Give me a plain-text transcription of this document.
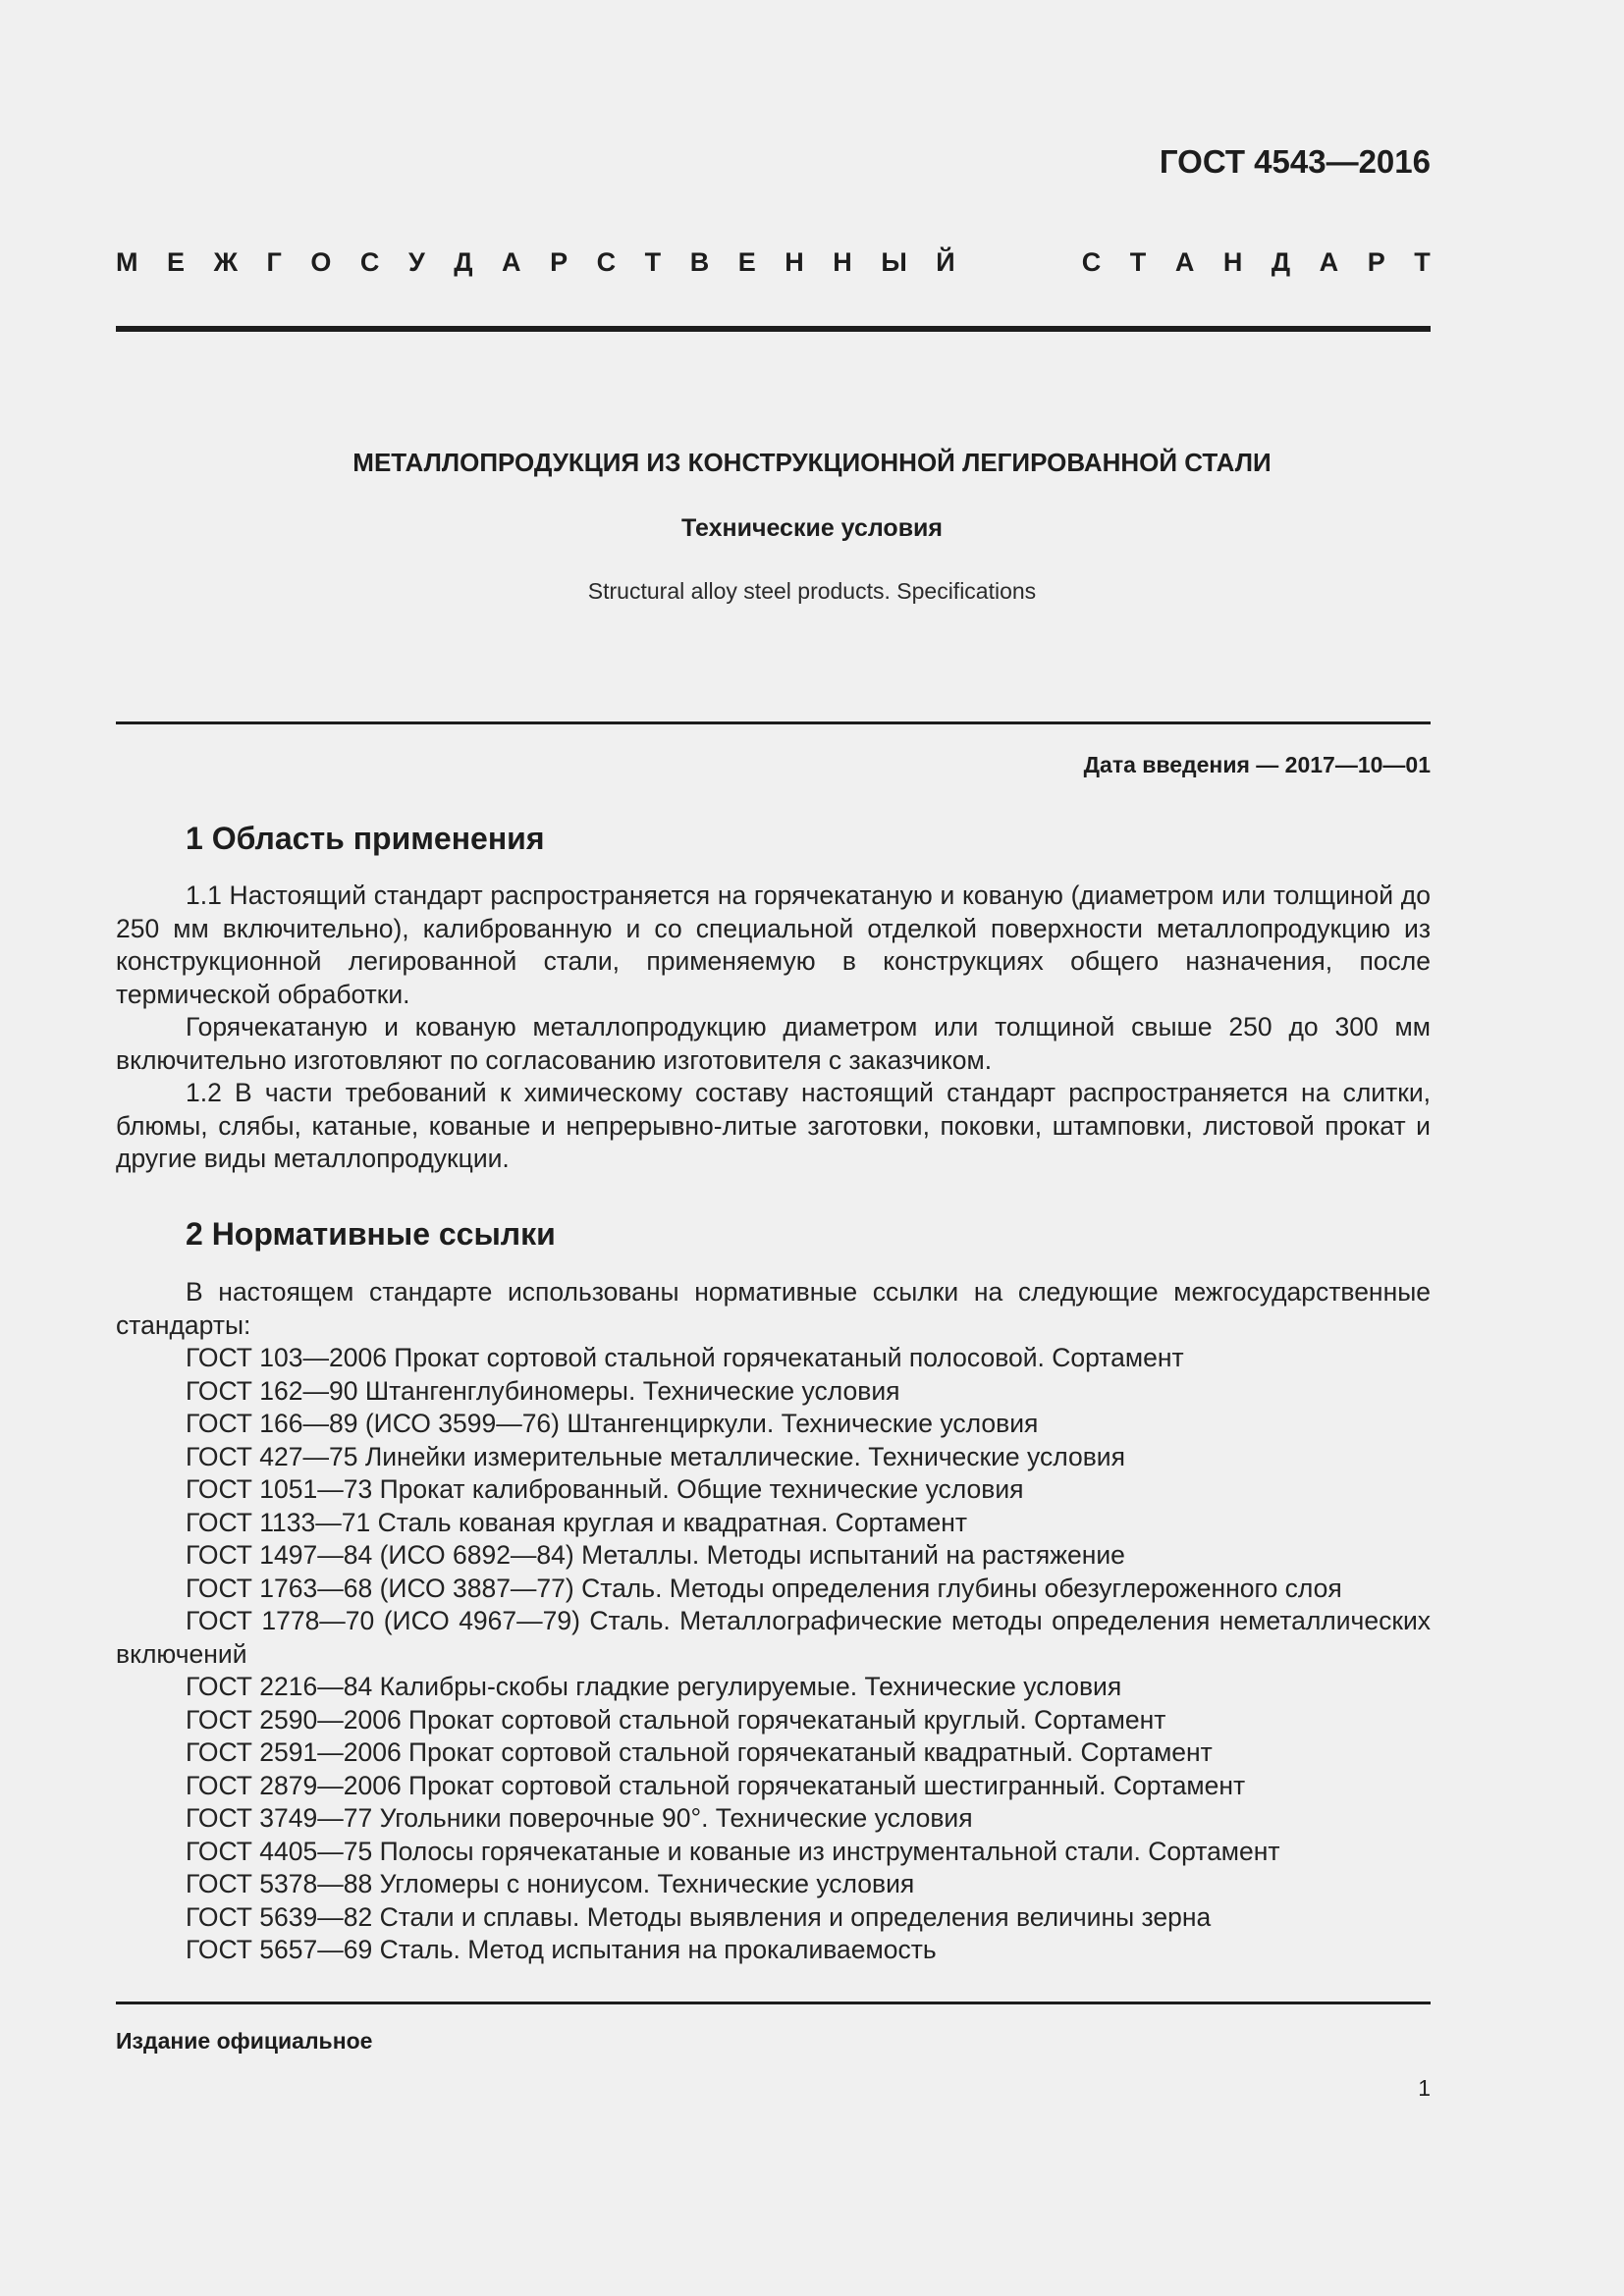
ГОСТ 4543—2016
М Е Ж Г О С У Д А Р С Т В Е Н Н Ы Й	С Т А Н Д А Р Т
МЕТАЛЛОПРОДУКЦИЯ ИЗ КОНСТРУКЦИОННОЙ ЛЕГИРОВАННОЙ СТАЛИ
Технические условия
Structural alloy steel products. Specifications
Дата введения — 2017—10—01
1 Область применения

1.1 Настоящий стандарт распространяется на горячекатаную и кованую (диаметром или толщиной до 250 мм включительно), калиброванную и со специальной отделкой поверхности металлопродукцию из конструкционной легированной стали, применяемую в конструкциях общего назначения, после термической обработки.

Горячекатаную и кованую металлопродукцию диаметром или толщиной свыше 250 до 300 мм включительно изготовляют по согласованию изготовителя с заказчиком.

1.2 В части требований к химическому составу настоящий стандарт распространяется на слитки, блюмы, слябы, катаные, кованые и непрерывно-литые заготовки, поковки, штамповки, листовой прокат и другие виды металлопродукции.

2 Нормативные ссылки

В настоящем стандарте использованы нормативные ссылки на следующие межгосударственные стандарты:

ГОСТ 103—2006 Прокат сортовой стальной горячекатаный полосовой. Сортамент

ГОСТ 162—90 Штангенглубиномеры. Технические условия

ГОСТ 166—89 (ИСО 3599—76) Штангенциркули. Технические условия

ГОСТ 427—75 Линейки измерительные металлические. Технические условия

ГОСТ 1051—73 Прокат калиброванный. Общие технические условия

ГОСТ 1133—71 Сталь кованая круглая и квадратная. Сортамент

ГОСТ 1497—84 (ИСО 6892—84) Металлы. Методы испытаний на растяжение

ГОСТ 1763—68 (ИСО 3887—77) Сталь. Методы определения глубины обезуглероженного слоя

ГОСТ 1778—70 (ИСО 4967—79) Сталь. Металлографические методы определения неметаллических включений

ГОСТ 2216—84 Калибры-скобы гладкие регулируемые. Технические условия

ГОСТ 2590—2006 Прокат сортовой стальной горячекатаный круглый. Сортамент

ГОСТ 2591—2006 Прокат сортовой стальной горячекатаный квадратный. Сортамент

ГОСТ 2879—2006 Прокат сортовой стальной горячекатаный шестигранный. Сортамент

ГОСТ 3749—77 Угольники поверочные 90°. Технические условия

ГОСТ 4405—75 Полосы горячекатаные и кованые из инструментальной стали. Сортамент

ГОСТ 5378—88 Угломеры с нониусом. Технические условия

ГОСТ 5639—82 Стали и сплавы. Методы выявления и определения величины зерна

ГОСТ 5657—69 Сталь. Метод испытания на прокаливаемость

Издание официальное
1
